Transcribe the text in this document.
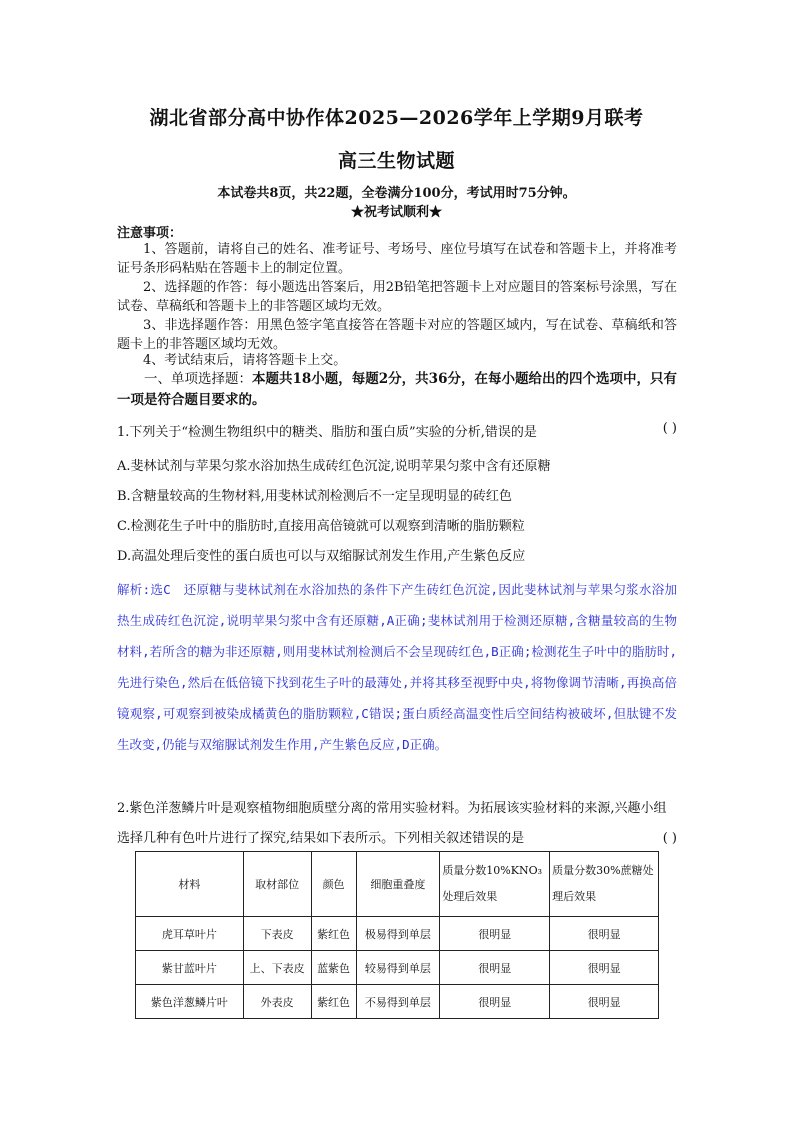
湖北省部分高中协作体2025—2026学年上学期9月联考
高三生物试题
本试卷共8页，共22题，全卷满分100分，考试用时75分钟。
★祝考试顺利★
注意事项：
1、答题前，请将自己的姓名、准考证号、考场号、座位号填写在试卷和答题卡上，并将准考证号条形码粘贴在答题卡上的制定位置。
2、选择题的作答：每小题选出答案后，用2B铅笔把答题卡上对应题目的答案标号涂黑，写在试卷、草稿纸和答题卡上的非答题区域均无效。
3、非选择题作答：用黑色签字笔直接答在答题卡对应的答题区域内，写在试卷、草稿纸和答题卡上的非答题区域均无效。
4、考试结束后，请将答题卡上交。
一、单项选择题：本题共18小题，每题2分，共36分，在每小题给出的四个选项中，只有一项是符合题目要求的。
1.下列关于“检测生物组织中的糖类、脂肪和蛋白质”实验的分析,错误的是	( )
A.斐林试剂与苹果匀浆水浴加热生成砖红色沉淀,说明苹果匀浆中含有还原糖
B.含糖量较高的生物材料,用斐林试剂检测后不一定呈现明显的砖红色
C.检测花生子叶中的脂肪时,直接用高倍镜就可以观察到清晰的脂肪颗粒
D.高温处理后变性的蛋白质也可以与双缩脲试剂发生作用,产生紫色反应
解析:选C　还原糖与斐林试剂在水浴加热的条件下产生砖红色沉淀,因此斐林试剂与苹果匀浆水浴加热生成砖红色沉淀,说明苹果匀浆中含有还原糖,A正确;斐林试剂用于检测还原糖,含糖量较高的生物材料,若所含的糖为非还原糖,则用斐林试剂检测后不会呈现砖红色,B正确;检测花生子叶中的脂肪时,先进行染色,然后在低倍镜下找到花生子叶的最薄处,并将其移至视野中央,将物像调节清晰,再换高倍镜观察,可观察到被染成橘黄色的脂肪颗粒,C错误;蛋白质经高温变性后空间结构被破坏,但肽键不发生改变,仍能与双缩脲试剂发生作用,产生紫色反应,D正确。
2.紫色洋葱鳞片叶是观察植物细胞质壁分离的常用实验材料。为拓展该实验材料的来源,兴趣小组选择几种有色叶片进行了探究,结果如下表所示。下列相关叙述错误的是	( )
材料	取材部位	颜色	细胞重叠度	质量分数10%KNO₃处理后效果	质量分数30%蔗糖处理后效果
虎耳草叶片	下表皮	紫红色	极易得到单层	很明显	很明显
紫甘蓝叶片	上、下表皮	蓝紫色	较易得到单层	很明显	很明显
紫色洋葱鳞片叶	外表皮	紫红色	不易得到单层	很明显	很明显
